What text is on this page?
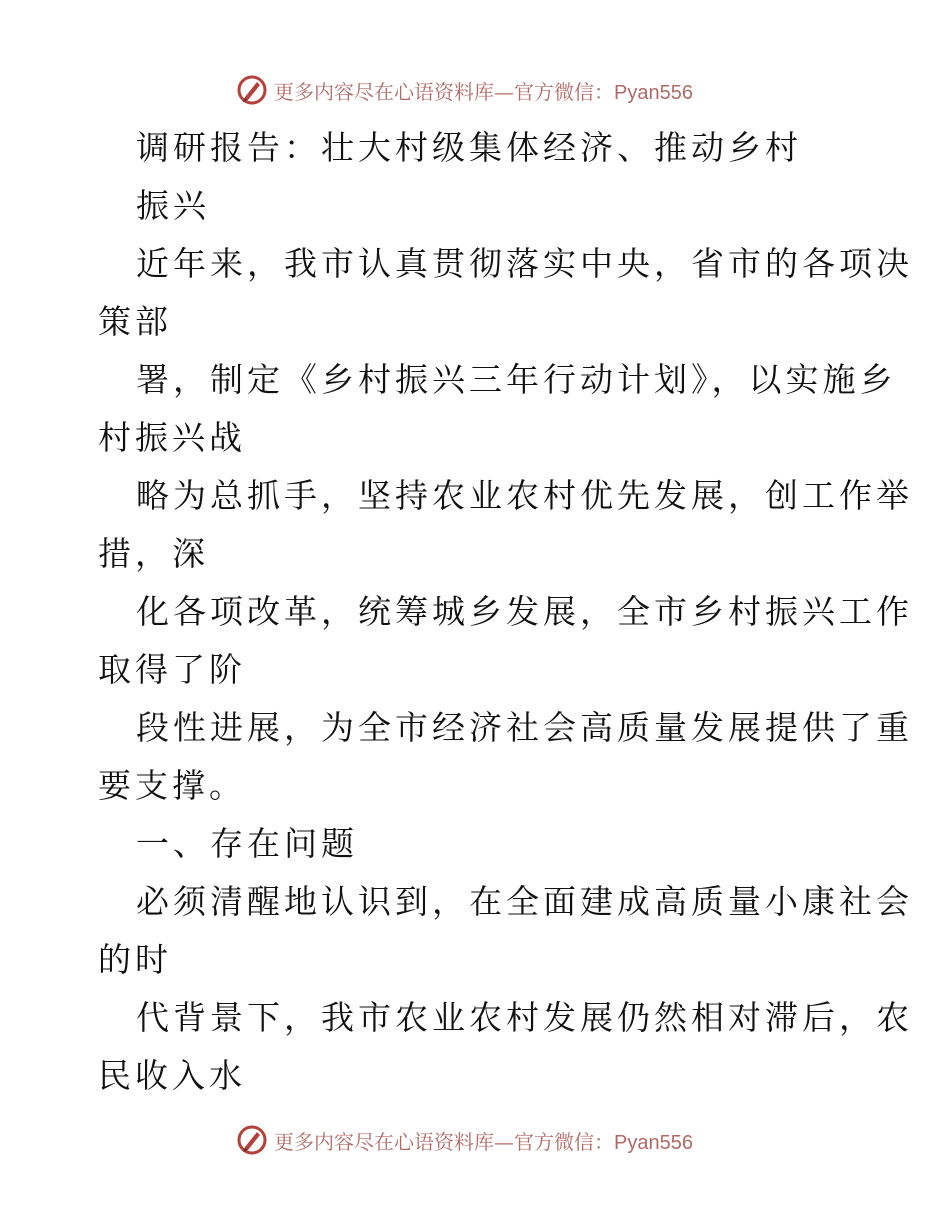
更多内容尽在心语资料库—官方微信：Pyan556
调研报告：壮大村级集体经济、推动乡村
振兴
近年来，我市认真贯彻落实中央，省市的各项决
策部
署，制定《乡村振兴三年行动计划》，以实施乡
村振兴战
略为总抓手，坚持农业农村优先发展，创工作举
措，深
化各项改革，统筹城乡发展，全市乡村振兴工作
取得了阶
段性进展，为全市经济社会高质量发展提供了重
要支撑。
一、存在问题
必须清醒地认识到，在全面建成高质量小康社会
的时
代背景下，我市农业农村发展仍然相对滞后，农
民收入水
更多内容尽在心语资料库—官方微信：Pyan556
